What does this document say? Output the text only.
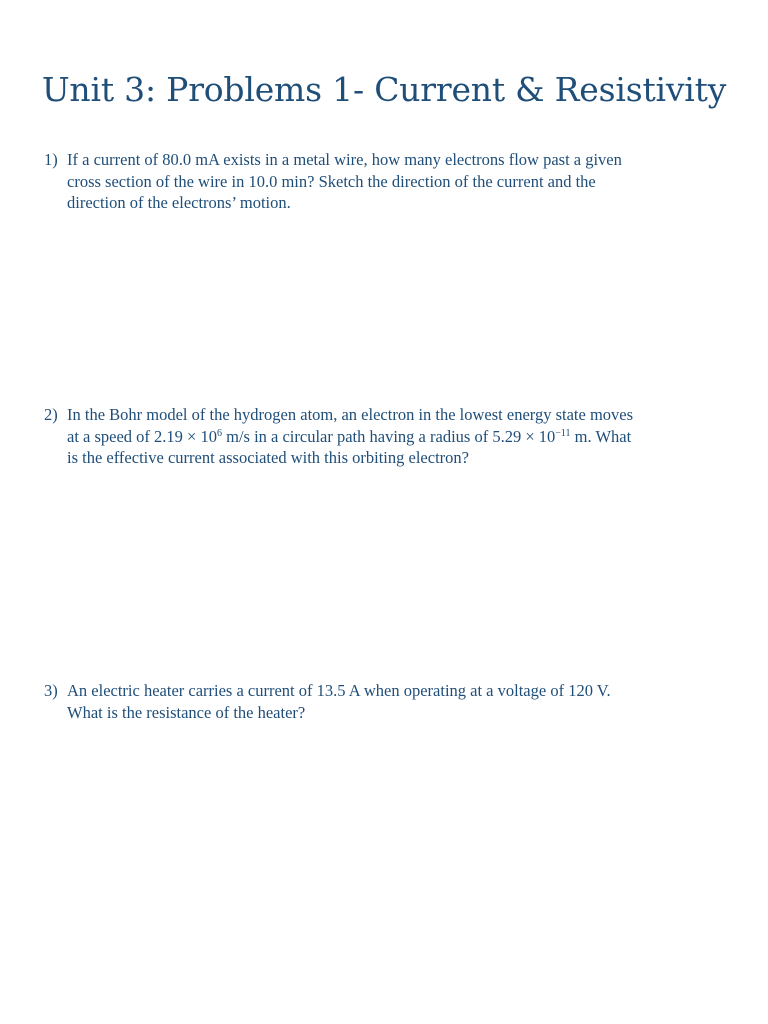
Unit 3: Problems 1- Current & Resistivity
1) If a current of 80.0 mA exists in a metal wire, how many electrons flow past a given
cross section of the wire in 10.0 min? Sketch the direction of the current and the
direction of the electrons’ motion.
2) In the Bohr model of the hydrogen atom, an electron in the lowest energy state moves
at a speed of $2.19 \times 10^6$ m/s in a circular path having a radius of $5.29 \times 10^{-11}$ m. What
is the effective current associated with this orbiting electron?
3) An electric heater carries a current of 13.5 A when operating at a voltage of 120 V.
What is the resistance of the heater?
